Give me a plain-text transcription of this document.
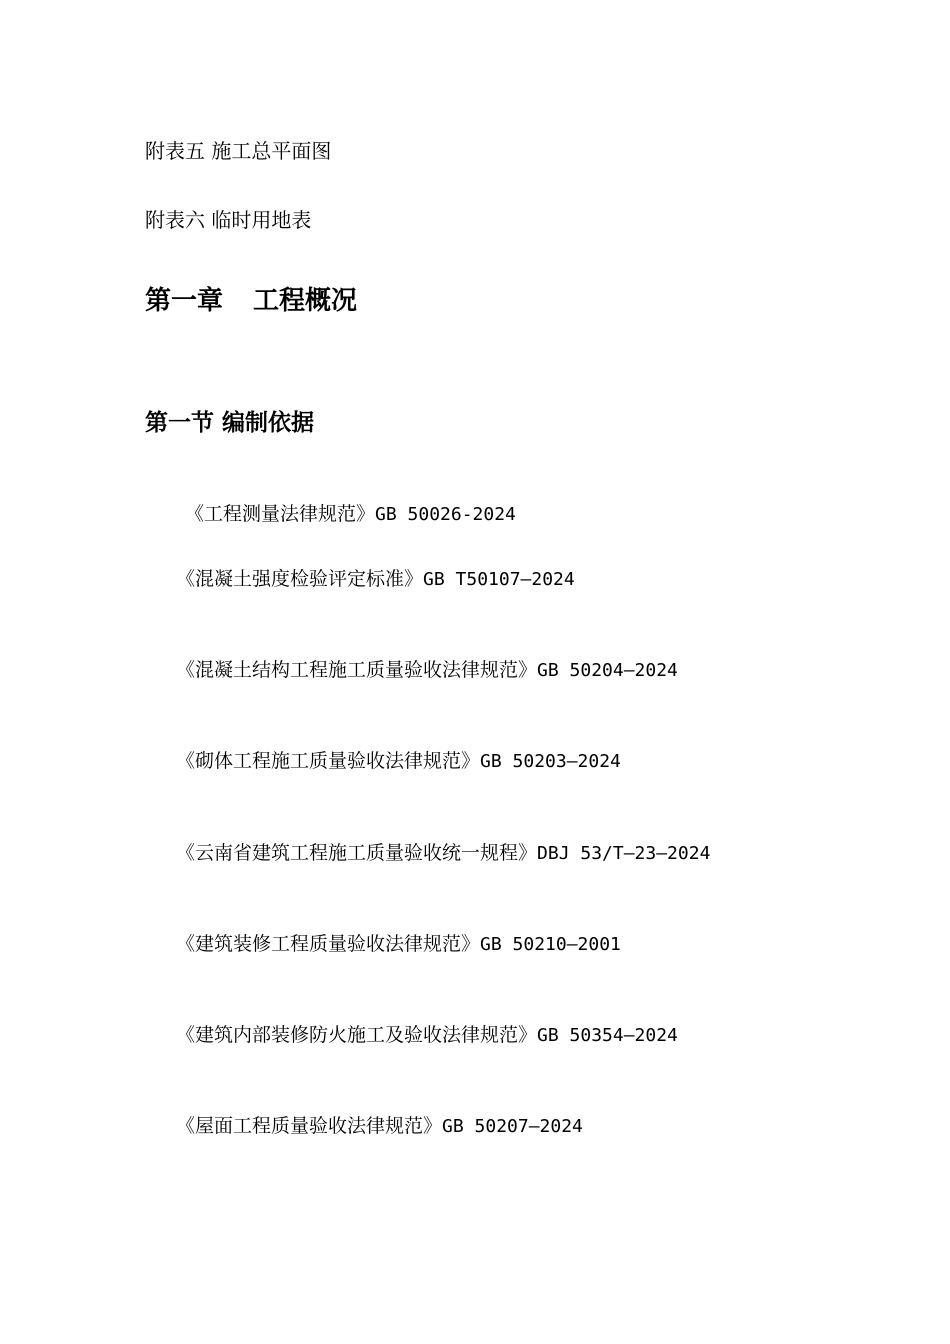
附表五 施工总平面图
附表六 临时用地表
第一章 工程概况
第一节 编制依据
《工程测量法律规范》GB 50026-2024
《混凝土强度检验评定标准》GB T50107—2024
《混凝土结构工程施工质量验收法律规范》GB 50204—2024
《砌体工程施工质量验收法律规范》GB 50203—2024
《云南省建筑工程施工质量验收统一规程》DBJ 53/T—23—2024
《建筑装修工程质量验收法律规范》GB 50210—2001
《建筑内部装修防火施工及验收法律规范》GB 50354—2024
《屋面工程质量验收法律规范》GB 50207—2024
